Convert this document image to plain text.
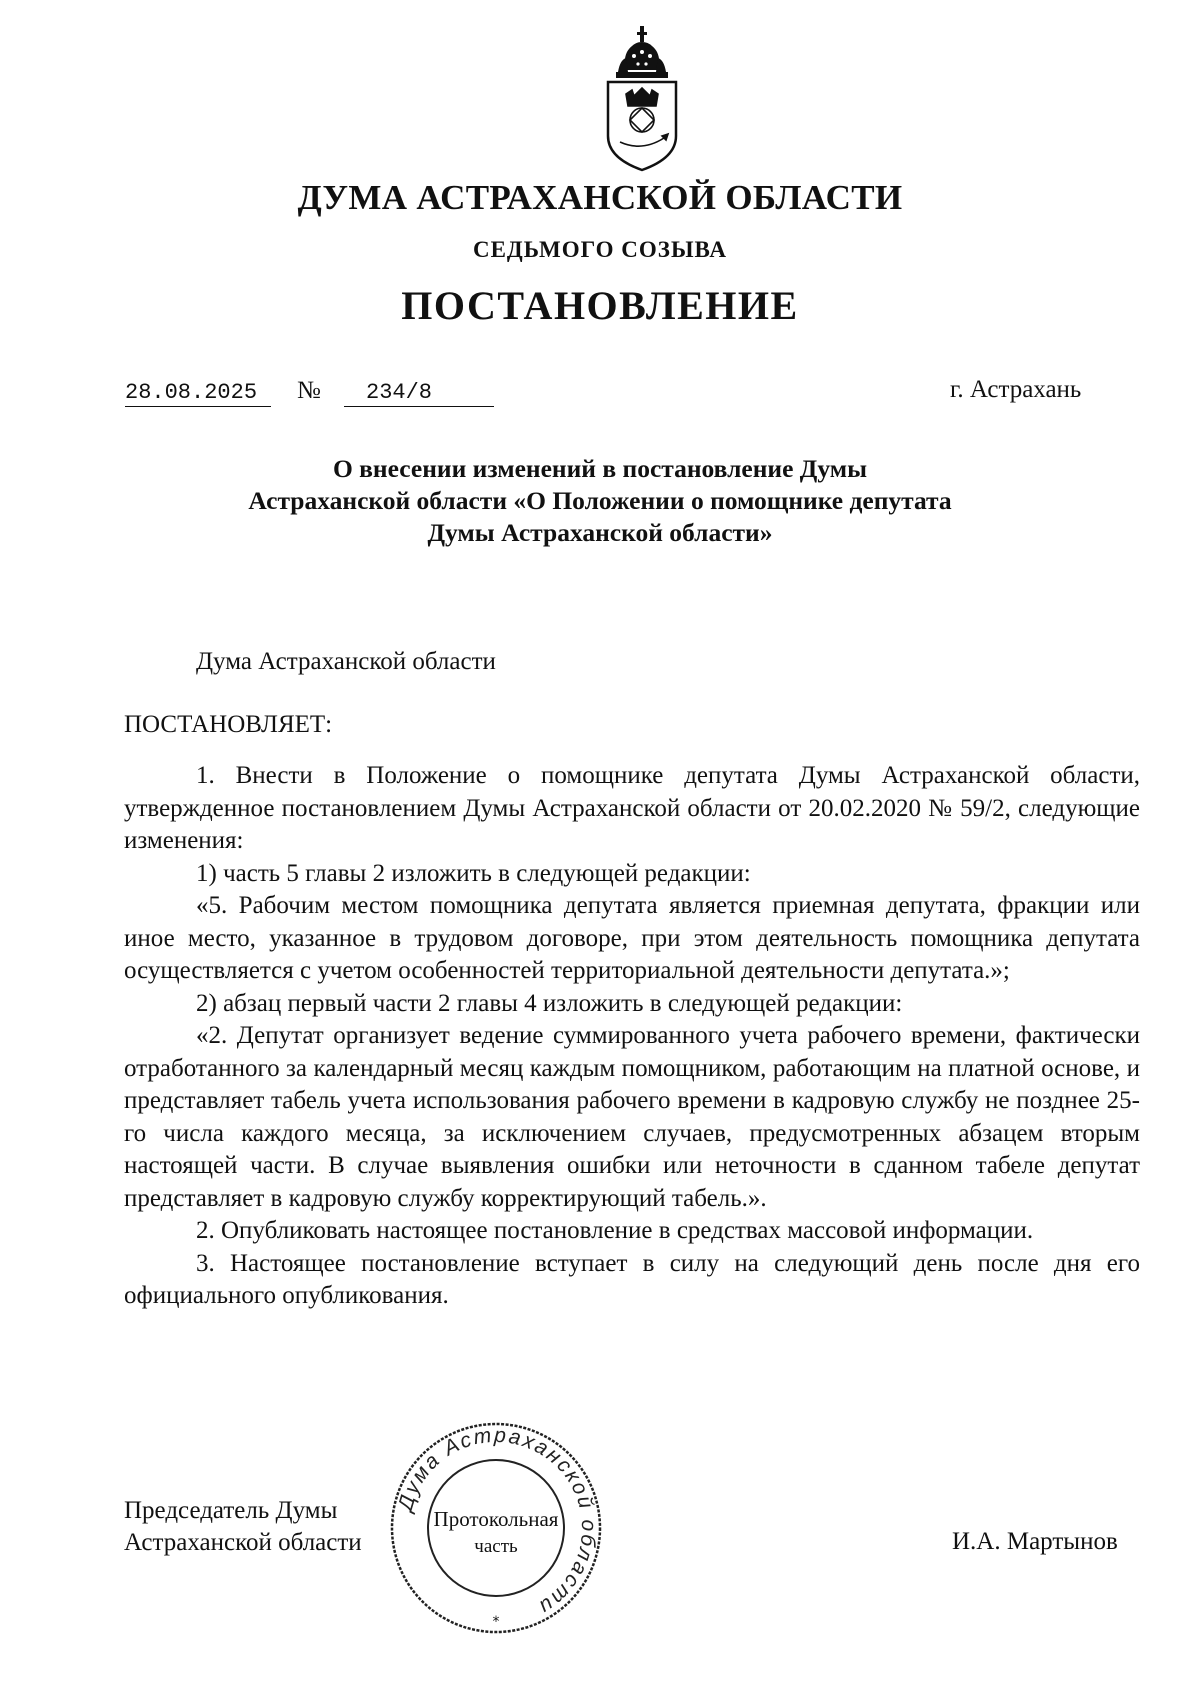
ДУМА АСТРАХАНСКОЙ ОБЛАСТИ
СЕДЬМОГО СОЗЫВА
ПОСТАНОВЛЕНИЕ
28.08.2025	№	234/8	г. Астрахань
О внесении изменений в постановление Думы
Астраханской области «О Положении о помощнике депутата
Думы Астраханской области»
Дума Астраханской области
ПОСТАНОВЛЯЕТ:

1. Внести в Положение о помощнике депутата Думы Астраханской области, утвержденное постановлением Думы Астраханской области от 20.02.2020 № 59/2, следующие изменения:

1) часть 5 главы 2 изложить в следующей редакции:

«5. Рабочим местом помощника депутата является приемная депутата, фракции или иное место, указанное в трудовом договоре, при этом деятельность помощника депутата осуществляется с учетом особенностей территориальной деятельности депутата.»;

2) абзац первый части 2 главы 4 изложить в следующей редакции:

«2. Депутат организует ведение суммированного учета рабочего времени, фактически отработанного за календарный месяц каждым помощником, работающим на платной основе, и представляет табель учета использования рабочего времени в кадровую службу не позднее 25-го числа каждого месяца, за исключением случаев, предусмотренных абзацем вторым настоящей части. В случае выявления ошибки или неточности в сданном табеле депутат представляет в кадровую службу корректирующий табель.».

2. Опубликовать настоящее постановление в средствах массовой информации.

3. Настоящее постановление вступает в силу на следующий день после дня его официального опубликования.

Председатель Думы
Астраханской области	И.А. Мартынов
Дума Астраханской области
Протокольная
часть
*
